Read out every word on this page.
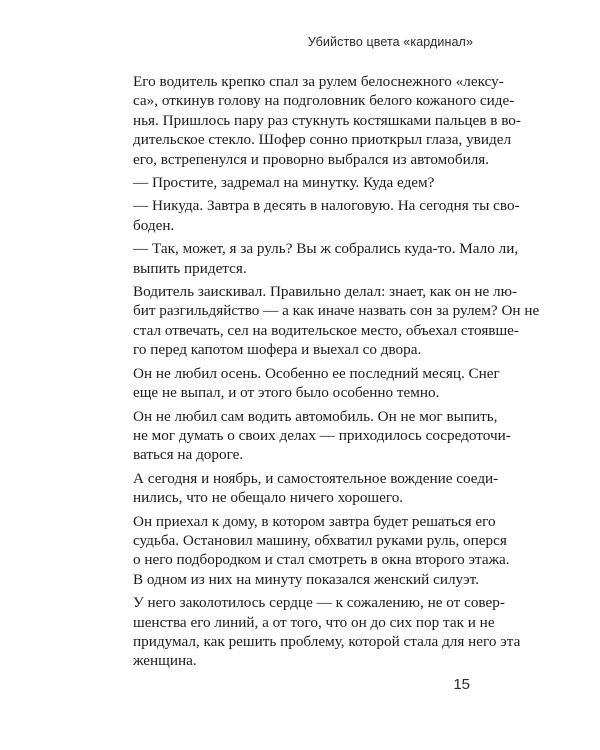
Убийство цвета «кардинал»
Его водитель крепко спал за рулем белоснежного «лексу-
са», откинув голову на подголовник белого кожаного сиде-
нья. Пришлось пару раз стукнуть костяшками пальцев в во-
дительское стекло. Шофер сонно приоткрыл глаза, увидел
его, встрепенулся и проворно выбрался из автомобиля.
— Простите, задремал на минутку. Куда едем?
— Никуда. Завтра в десять в налоговую. На сегодня ты сво-
боден.
— Так, может, я за руль? Вы ж собрались куда-то. Мало ли,
выпить придется.
Водитель заискивал. Правильно делал: знает, как он не лю-
бит разгильдяйство — а как иначе назвать сон за рулем? Он не
стал отвечать, сел на водительское место, объехал стоявше-
го перед капотом шофера и выехал со двора.
Он не любил осень. Особенно ее последний месяц. Снег
еще не выпал, и от этого было особенно темно.
Он не любил сам водить автомобиль. Он не мог выпить,
не мог думать о своих делах — приходилось сосредоточи-
ваться на дороге.
А сегодня и ноябрь, и самостоятельное вождение соеди-
нились, что не обещало ничего хорошего.
Он приехал к дому, в котором завтра будет решаться его
судьба. Остановил машину, обхватил руками руль, оперся
о него подбородком и стал смотреть в окна второго этажа.
В одном из них на минуту показался женский силуэт.
У него заколотилось сердце — к сожалению, не от совер-
шенства его линий, а от того, что он до сих пор так и не
придумал, как решить проблему, которой стала для него эта
женщина.
15
